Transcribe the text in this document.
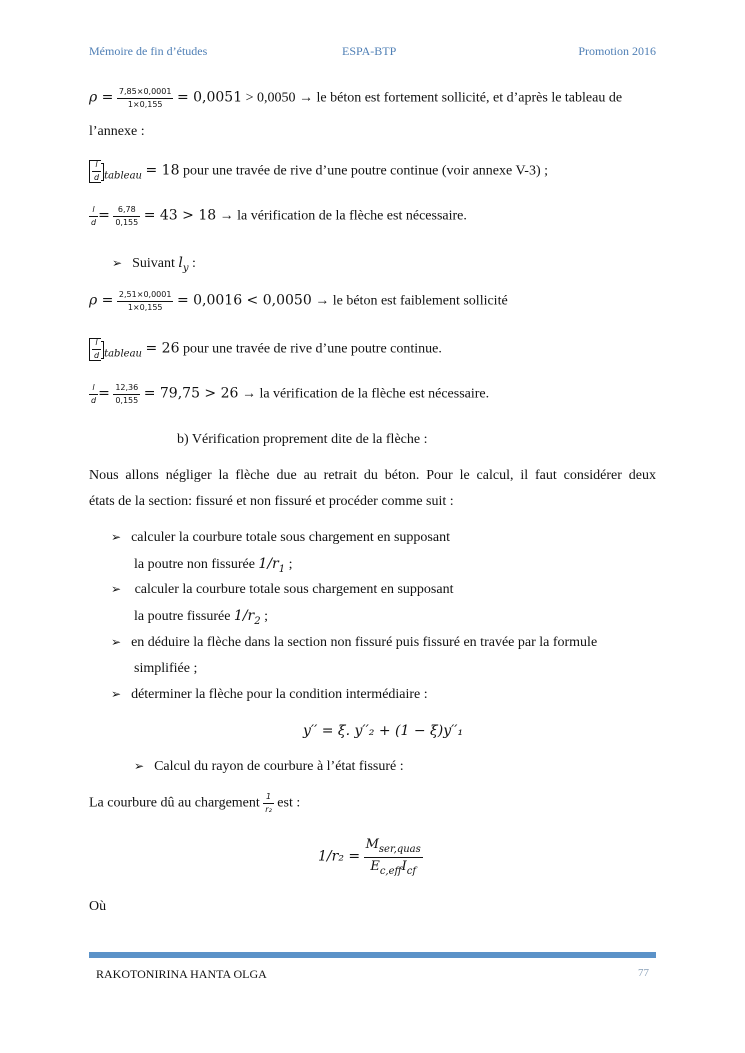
Mémoire de fin d’études	ESPA-BTP	Promotion 2016
$\rho = \frac{7,85\times 0,0001}{1\times 0,155} = 0,0051 > 0,0050$ → le béton est fortement sollicité, et d’après le tableau de
l’annexe :
$\frac{l}{d} _{tableau} = 18$ pour une travée de rive d’une poutre continue (voir annexe V-3) ;
$\frac{l}{d} = \frac{6,78}{0,155} = 43 > 18$ → la vérification de la flèche est nécessaire.
➢ Suivant $l_y$ :
$\rho = \frac{2,51\times 0,0001}{1\times 0,155} = 0,0016 < 0,0050$ → le béton est faiblement sollicité
$\frac{l}{d} _{tableau} = 26$ pour une travée de rive d’une poutre continue.
$\frac{l}{d} = \frac{12,36}{0,155} = 79,75 > 26$ → la vérification de la flèche est nécessaire.
b) Vérification proprement dite de la flèche :
Nous allons négliger la flèche due au retrait du béton. Pour le calcul, il faut considérer deux
états de la section: fissuré et non fissuré et procéder comme suit :
➢ calculer la courbure totale sous chargement en supposant
la poutre non fissurée $1/r_1$ ;
➢ calculer la courbure totale sous chargement en supposant
la poutre fissurée $1/r_2$ ;
➢ en déduire la flèche dans la section non fissuré puis fissuré en travée par la formule
simplifiée ;
➢ déterminer la flèche pour la condition intermédiaire :
y′′ = ξ. y′′₂ + (1 − ξ)y′′₁
➢ Calcul du rayon de courbure à l’état fissuré :
La courbure dû au chargement $\frac{1}{\text{r₂}}$ est :
$1/r_2 = \frac{M_{ser,quas}}{E_{c,eff}I_{cf}}$
Où
RAKOTONIRINA HANTA OLGA	77
